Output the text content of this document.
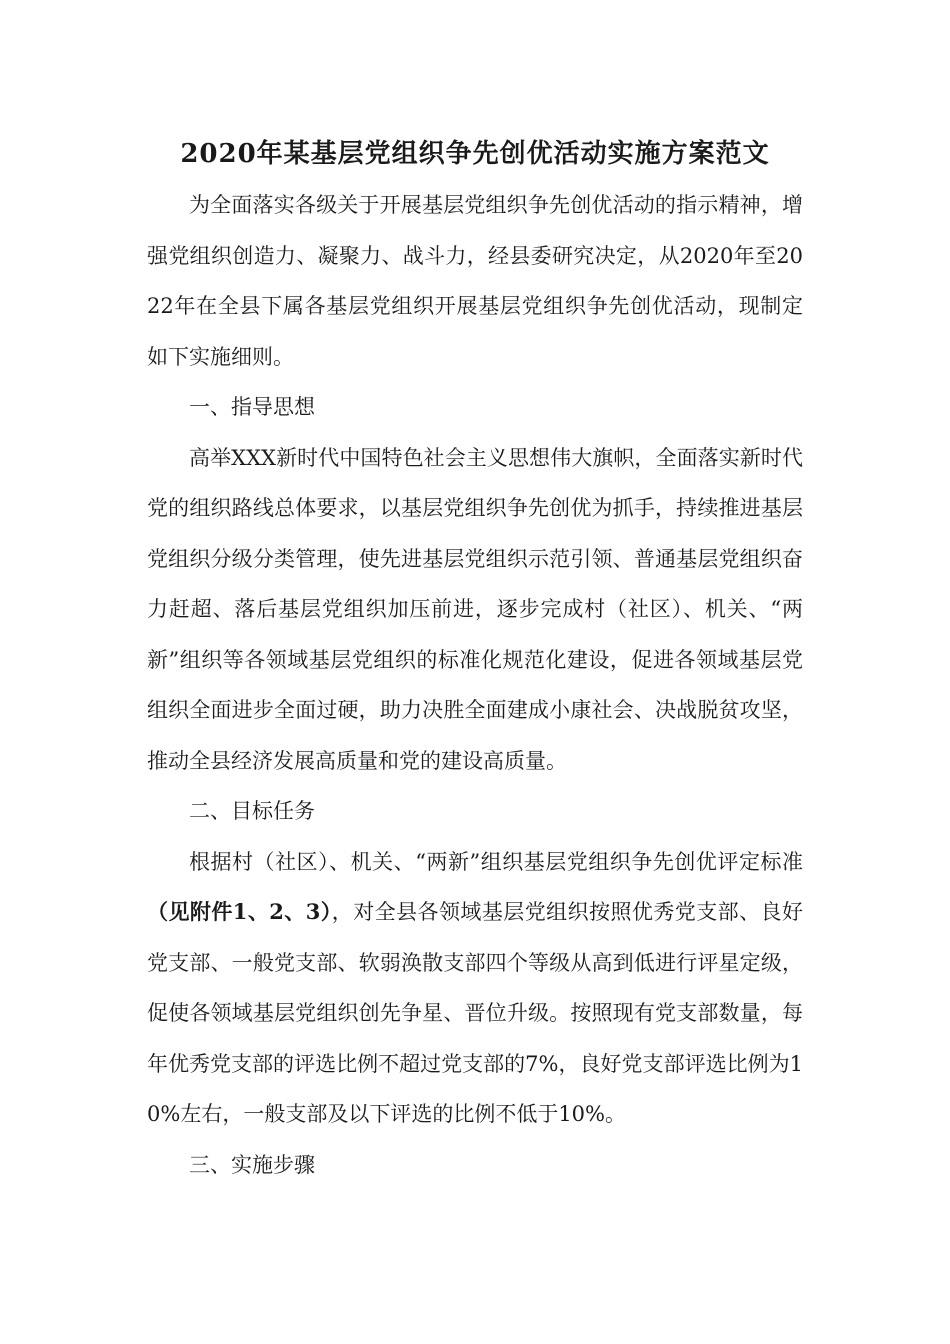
2020年某基层党组织争先创优活动实施方案范文

为全面落实各级关于开展基层党组织争先创优活动的指示精神，增强党组织创造力、凝聚力、战斗力，经县委研究决定，从2020年至2022年在全县下属各基层党组织开展基层党组织争先创优活动，现制定如下实施细则。

一、指导思想

高举XXX新时代中国特色社会主义思想伟大旗帜，全面落实新时代党的组织路线总体要求，以基层党组织争先创优为抓手，持续推进基层党组织分级分类管理，使先进基层党组织示范引领、普通基层党组织奋力赶超、落后基层党组织加压前进，逐步完成村（社区）、机关、“两新”组织等各领域基层党组织的标准化规范化建设，促进各领域基层党组织全面进步全面过硬，助力决胜全面建成小康社会、决战脱贫攻坚，推动全县经济发展高质量和党的建设高质量。

二、目标任务

根据村（社区）、机关、“两新”组织基层党组织争先创优评定标准（见附件1、2、3），对全县各领域基层党组织按照优秀党支部、良好党支部、一般党支部、软弱涣散支部四个等级从高到低进行评星定级，促使各领域基层党组织创先争星、晋位升级。按照现有党支部数量，每年优秀党支部的评选比例不超过党支部的7%，良好党支部评选比例为10%左右，一般支部及以下评选的比例不低于10%。

三、实施步骤
